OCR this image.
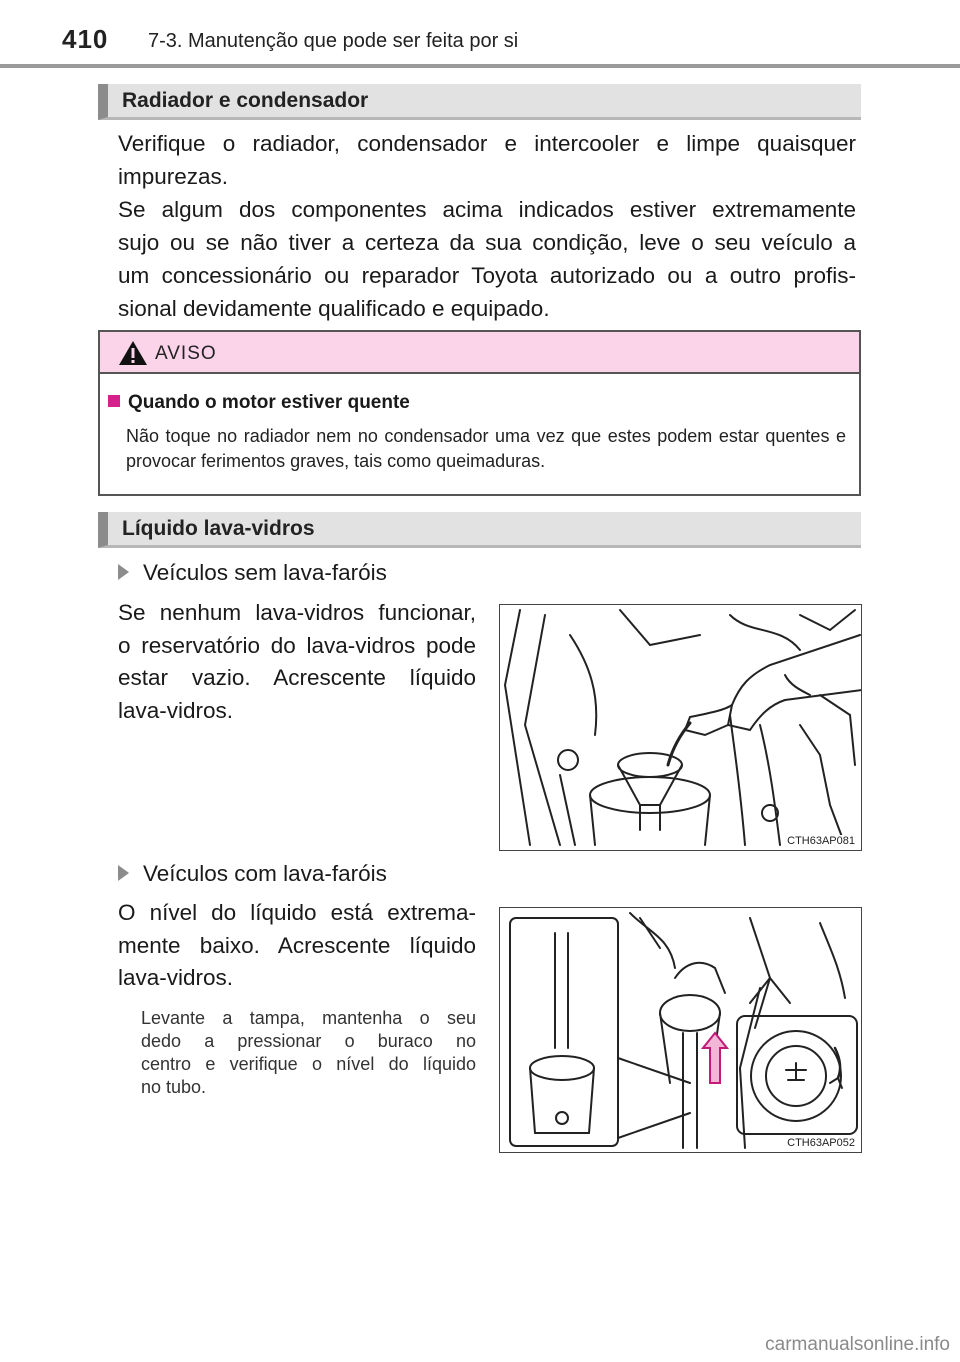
410 7-3. Manutenção que pode ser feita por si
Radiador e condensador
Verifique o radiador, condensador e intercooler e limpe quaisquer
impurezas.
Se algum dos componentes acima indicados estiver extremamente
sujo ou se não tiver a certeza da sua condição, leve o seu veículo a
um concessionário ou reparador Toyota autorizado ou a outro profis-
sional devidamente qualificado e equipado.
AVISO
Quando o motor estiver quente
Não toque no radiador nem no condensador uma vez que estes podem estar quentes e provocar ferimentos graves, tais como queimaduras.
Líquido lava-vidros
Veículos sem lava-faróis
Se nenhum lava-vidros funcionar,
o reservatório do lava-vidros pode
estar vazio. Acrescente líquido
lava-vidros.
CTH63AP081
Veículos com lava-faróis
O nível do líquido está extrema-
mente baixo. Acrescente líquido
lava-vidros.
Levante a tampa, mantenha o seu
dedo a pressionar o buraco no
centro e verifique o nível do líquido
no tubo.
CTH63AP052
carmanualsonline.info
